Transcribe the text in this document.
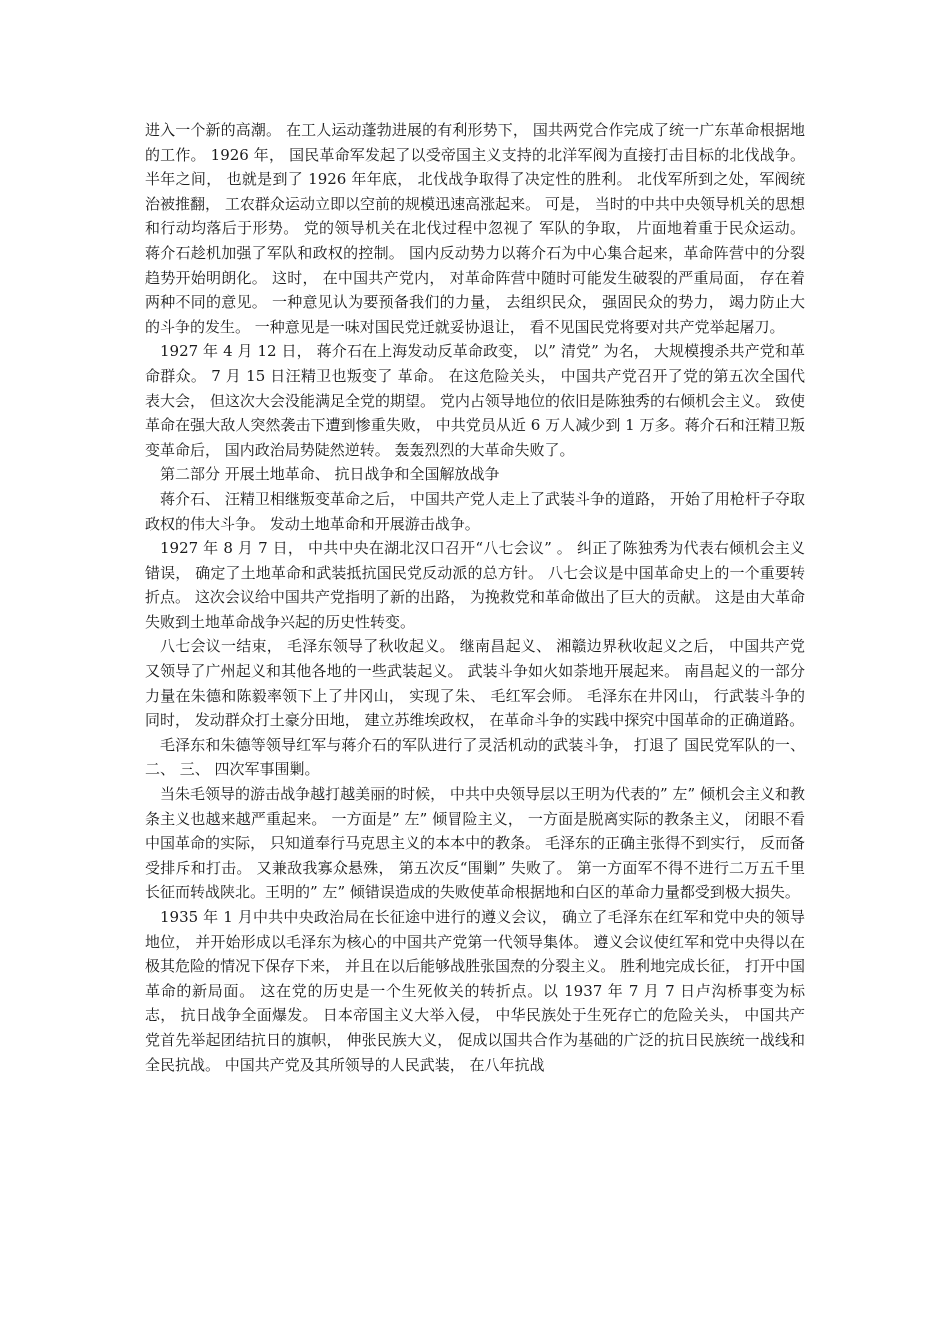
进入一个新的高潮。 在工人运动蓬勃进展的有利形势下， 国共两党合作完成了统一广东革命根据地的工作。 1926 年， 国民革命军发起了以受帝国主义支持的北洋军阀为直接打击目标的北伐战争。 半年之间， 也就是到了 1926 年年底， 北伐战争取得了决定性的胜利。 北伐军所到之处，军阀统治被推翻， 工农群众运动立即以空前的规模迅速高涨起来。 可是， 当时的中共中央领导机关的思想和行动均落后于形势。 党的领导机关在北伐过程中忽视了 军队的争取， 片面地着重于民众运动。 蒋介石趁机加强了军队和政权的控制。 国内反动势力以蒋介石为中心集合起来，革命阵营中的分裂趋势开始明朗化。 这时， 在中国共产党内， 对革命阵营中随时可能发生破裂的严重局面， 存在着两种不同的意见。 一种意见认为要预备我们的力量， 去组织民众， 强固民众的势力， 竭力防止大的斗争的发生。 一种意见是一味对国民党迁就妥协退让， 看不见国民党将要对共产党举起屠刀。

1927 年 4 月 12 日， 蒋介石在上海发动反革命政变， 以” 清党” 为名， 大规模搜杀共产党和革命群众。 7 月 15 日汪精卫也叛变了 革命。 在这危险关头， 中国共产党召开了党的第五次全国代表大会， 但这次大会没能满足全党的期望。 党内占领导地位的依旧是陈独秀的右倾机会主义。 致使革命在强大敌人突然袭击下遭到惨重失败， 中共党员从近 6 万人减少到 1 万多。蒋介石和汪精卫叛变革命后， 国内政治局势陡然逆转。 轰轰烈烈的大革命失败了。

第二部分 开展土地革命、 抗日战争和全国解放战争

蒋介石、 汪精卫相继叛变革命之后， 中国共产党人走上了武装斗争的道路， 开始了用枪杆子夺取政权的伟大斗争。 发动土地革命和开展游击战争。

1927 年 8 月 7 日， 中共中央在湖北汉口召开“八七会议” 。 纠正了陈独秀为代表右倾机会主义错误， 确定了土地革命和武装抵抗国民党反动派的总方针。 八七会议是中国革命史上的一个重要转折点。 这次会议给中国共产党指明了新的出路， 为挽救党和革命做出了巨大的贡献。 这是由大革命失败到土地革命战争兴起的历史性转变。

八七会议一结束， 毛泽东领导了秋收起义。 继南昌起义、 湘赣边界秋收起义之后， 中国共产党又领导了广州起义和其他各地的一些武装起义。 武装斗争如火如荼地开展起来。 南昌起义的一部分力量在朱德和陈毅率领下上了井冈山， 实现了朱、 毛红军会师。 毛泽东在井冈山， 行武装斗争的同时， 发动群众打土豪分田地， 建立苏维埃政权， 在革命斗争的实践中探究中国革命的正确道路。

毛泽东和朱德等领导红军与蒋介石的军队进行了灵活机动的武装斗争， 打退了 国民党军队的一、 二、 三、 四次军事围剿。

当朱毛领导的游击战争越打越美丽的时候， 中共中央领导层以王明为代表的” 左” 倾机会主义和教条主义也越来越严重起来。 一方面是” 左” 倾冒险主义， 一方面是脱离实际的教条主义， 闭眼不看中国革命的实际， 只知道奉行马克思主义的本本中的教条。 毛泽东的正确主张得不到实行， 反而备受排斥和打击。 又兼敌我寡众悬殊， 第五次反“围剿” 失败了。 第一方面军不得不进行二万五千里长征而转战陕北。王明的” 左” 倾错误造成的失败使革命根据地和白区的革命力量都受到极大损失。

1935 年 1 月中共中央政治局在长征途中进行的遵义会议， 确立了毛泽东在红军和党中央的领导地位， 并开始形成以毛泽东为核心的中国共产党第一代领导集体。 遵义会议使红军和党中央得以在极其危险的情况下保存下来， 并且在以后能够战胜张国焘的分裂主义。 胜利地完成长征， 打开中国革命的新局面。 这在党的历史是一个生死攸关的转折点。以 1937 年 7 月 7 日卢沟桥事变为标志， 抗日战争全面爆发。 日本帝国主义大举入侵， 中华民族处于生死存亡的危险关头， 中国共产党首先举起团结抗日的旗帜， 伸张民族大义， 促成以国共合作为基础的广泛的抗日民族统一战线和全民抗战。 中国共产党及其所领导的人民武装， 在八年抗战
